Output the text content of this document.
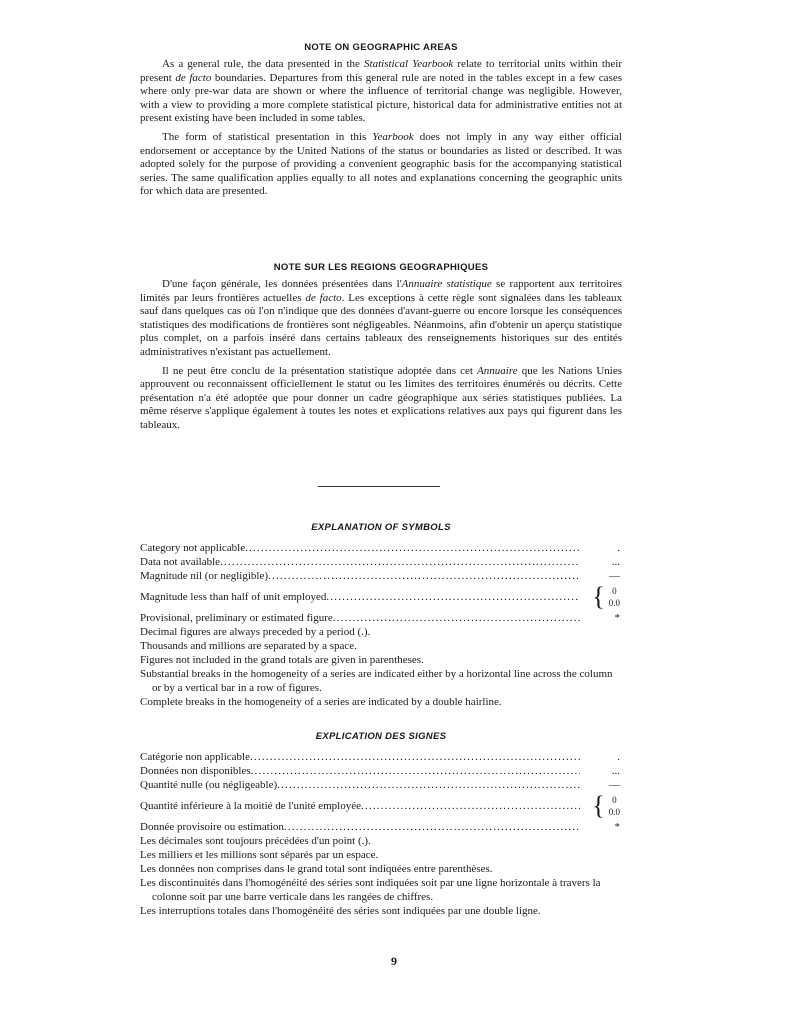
NOTE ON GEOGRAPHIC AREAS

As a general rule, the data presented in the Statistical Yearbook relate to territorial units within their present de facto boundaries. Departures from this general rule are noted in the tables except in a few cases where only pre-war data are shown or where the influence of territorial change was negligible. However, with a view to providing a more complete statistical picture, historical data for administrative entities not at present existing have been included in some tables.

The form of statistical presentation in this Yearbook does not imply in any way either official endorsement or acceptance by the United Nations of the status or boundaries as listed or described. It was adopted solely for the purpose of providing a convenient geographic basis for the accompanying statistical series. The same qualification applies equally to all notes and explanations concerning the geographic units for which data are presented.

NOTE SUR LES REGIONS GEOGRAPHIQUES

D'une façon générale, les données présentées dans l'Annuaire statistique se rapportent aux territoires limités par leurs frontières actuelles de facto. Les exceptions à cette règle sont signalées dans les tableaux sauf dans quelques cas où l'on n'indique que des données d'avant-guerre ou encore lorsque les conséquences statistiques des modifications de frontières sont négligeables. Néanmoins, afin d'obtenir un aperçu statistique plus complet, on a parfois inséré dans certains tableaux des renseignements historiques sur des entités administratives n'existant pas actuellement.

Il ne peut être conclu de la présentation statistique adoptée dans cet Annuaire que les Nations Unies approuvent ou reconnaissent officiellement le statut ou les limites des territoires énumérés ou décrits. Cette présentation n'a été adoptée que pour donner un cadre géographique aux séries statistiques publiées. La même réserve s'applique également à toutes les notes et explications relatives aux pays qui figurent dans les tableaux.

EXPLANATION OF SYMBOLS
Category not applicable .....	.
Data not available .....	...
Magnitude nil (or negligible) .....	—
Magnitude less than half of unit employed .....	{ 0
0.0
Provisional, preliminary or estimated figure .....	*
Decimal figures are always preceded by a period (.).
Thousands and millions are separated by a space.
Figures not included in the grand totals are given in parentheses.
Substantial breaks in the homogeneity of a series are indicated either by a horizontal line across the column or by a vertical bar in a row of figures.
Complete breaks in the homogeneity of a series are indicated by a double hairline.
EXPLICATION DES SIGNES
Catégorie non applicable .....	.
Données non disponibles .....	...
Quantité nulle (ou négligeable) .....	—
Quantité inférieure à la moitié de l'unité employée .....	{ 0
0.0
Donnée provisoire ou estimation .....	*
Les décimales sont toujours précédées d'un point (.).
Les milliers et les millions sont séparés par un espace.
Les données non comprises dans le grand total sont indiquées entre parenthèses.
Les discontinuités dans l'homogénéité des séries sont indiquées soit par une ligne horizontale à travers la colonne soit par une barre verticale dans les rangées de chiffres.
Les interruptions totales dans l'homogénéité des séries sont indiquées par une double ligne.
9
